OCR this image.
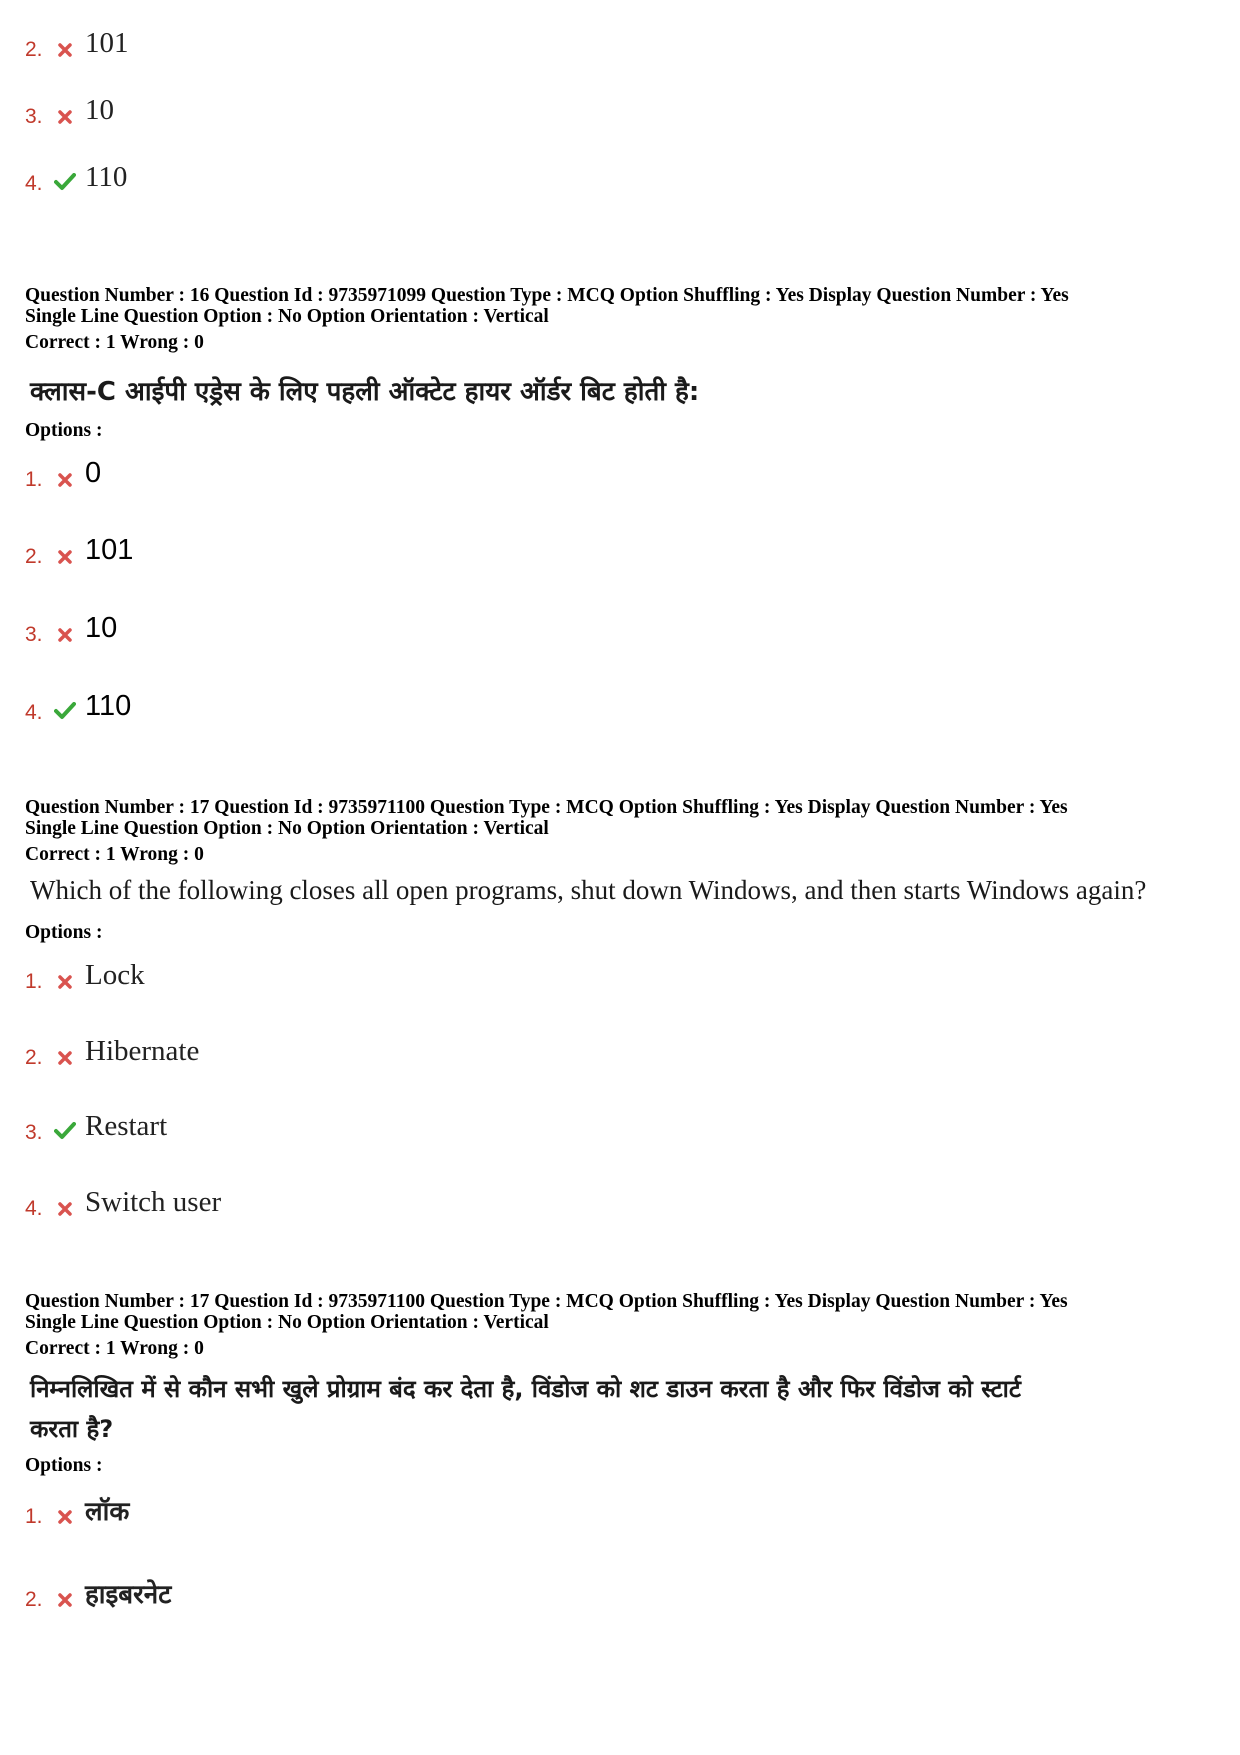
2. 101
3. 10
4. 110
Question Number : 16 Question Id : 9735971099 Question Type : MCQ Option Shuffling : Yes Display Question Number : Yes
Single Line Question Option : No Option Orientation : Vertical
Correct : 1 Wrong : 0
क्लास-C आईपी एड्रेस के लिए पहली ऑक्टेट हायर ऑर्डर बिट होती है:
Options :
1. 0
2. 101
3. 10
4. 110
Question Number : 17 Question Id : 9735971100 Question Type : MCQ Option Shuffling : Yes Display Question Number : Yes
Single Line Question Option : No Option Orientation : Vertical
Correct : 1 Wrong : 0
Which of the following closes all open programs, shut down Windows, and then starts Windows again?
Options :
1. Lock
2. Hibernate
3. Restart
4. Switch user
Question Number : 17 Question Id : 9735971100 Question Type : MCQ Option Shuffling : Yes Display Question Number : Yes
Single Line Question Option : No Option Orientation : Vertical
Correct : 1 Wrong : 0
निम्नलिखित में से कौन सभी खुले प्रोग्राम बंद कर देता है, विंडोज को शट डाउन करता है और फिर विंडोज को स्टार्ट
करता है?
Options :
1. लॉक
2. हाइबरनेट
